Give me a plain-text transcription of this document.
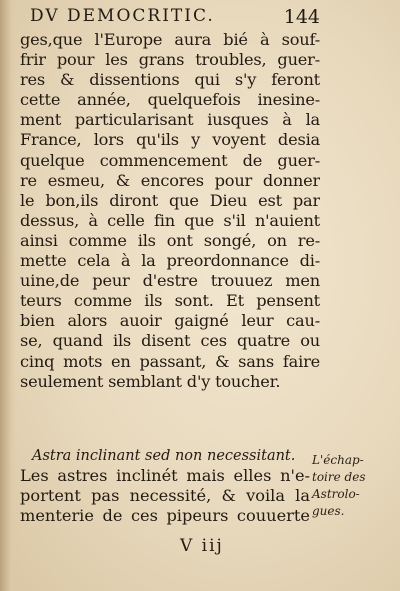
DV DEMOCRITIC.	144
ges,que l'Europe aura bié à souf-
frir pour les grans troubles, guer-
res & dissentions qui s'y feront
cette année, quelquefois inesine-
ment particularisant iusques à la
France, lors qu'ils y voyent desia
quelque commencement de guer-
re esmeu, & encores pour donner
le bon,ils diront que Dieu est par
dessus, à celle fin que s'il n'auient
ainsi comme ils ont songé, on re-
mette cela à la preordonnance di-
uine,de peur d'estre trouuez men
teurs comme ils sont. Et pensent
bien alors auoir gaigné leur cau-
se, quand ils disent ces quatre ou
cinq mots en passant, & sans faire
seulement semblant d'y toucher.
Astra inclinant sed non necessitant.
Les astres inclinét mais elles n'e-
portent pas necessité, & voila la
menterie de ces pipeurs couuerte
L'échap-
toire des
Astrolo-
gues.
V iij
